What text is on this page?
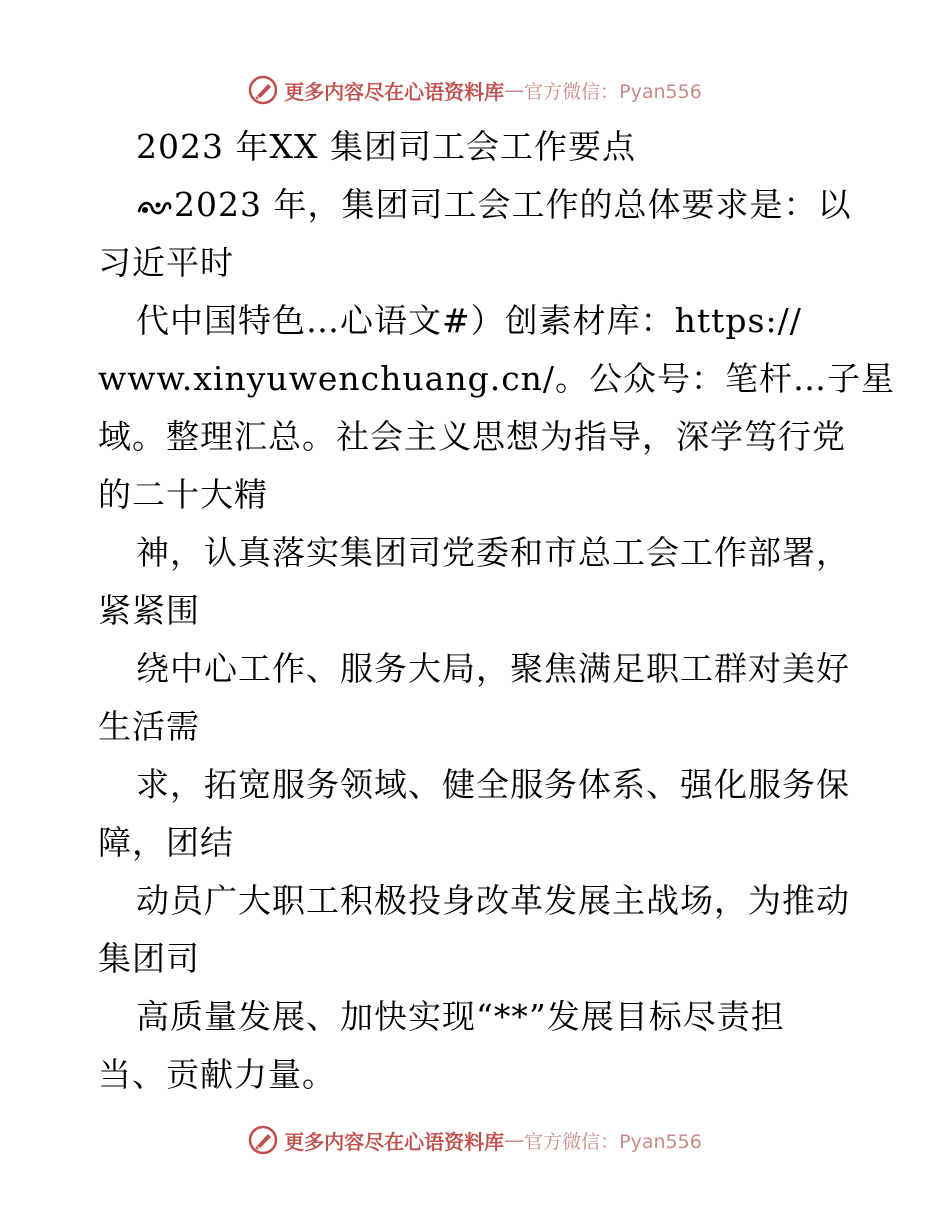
更多内容尽在心语资料库 — 官方微信：Pyan556
2023 年XX 集团司工会工作要点
2023 年，集团司工会工作的总体要求是：以
习近平时
代中国特色…心语文#）创素材库：https://
www.xinyuwenchuang.cn/。公众号：笔杆…子星
域。整理汇总。社会主义思想为指导，深学笃行党
的二十大精
神，认真落实集团司党委和市总工会工作部署，
紧紧围
绕中心工作、服务大局，聚焦满足职工群对美好
生活需
求，拓宽服务领域、健全服务体系、强化服务保
障，团结
动员广大职工积极投身改革发展主战场，为推动
集团司
高质量发展、加快实现“**”发展目标尽责担
当、贡献力量。
更多内容尽在心语资料库 — 官方微信：Pyan556
